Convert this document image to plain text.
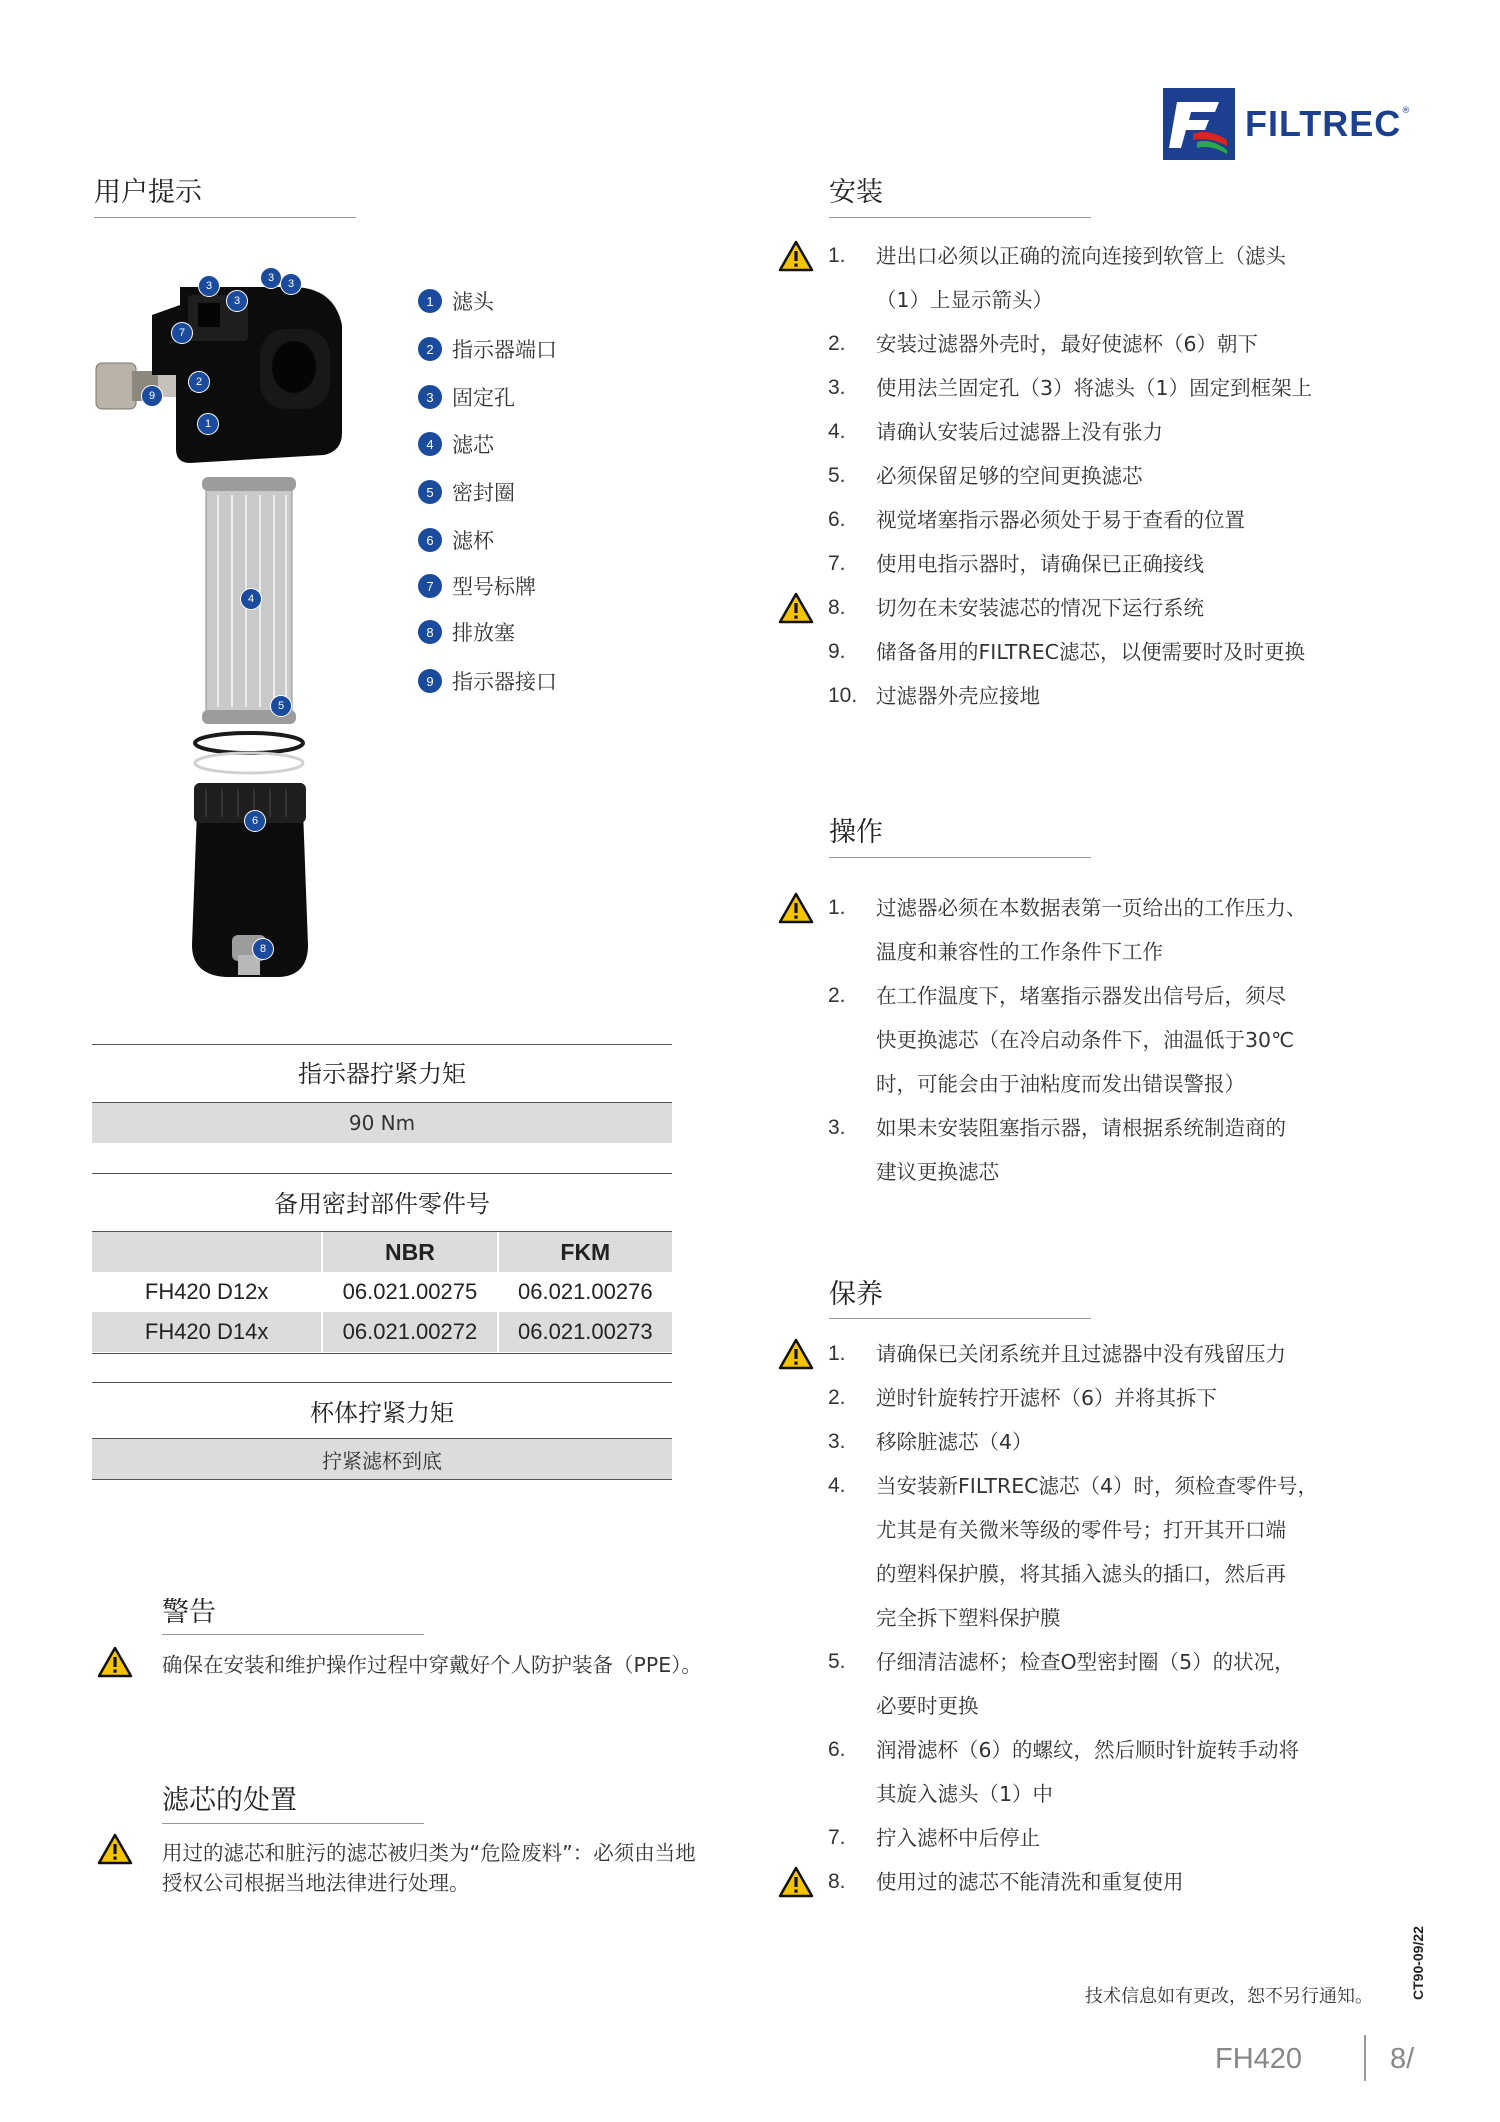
FILTREC ®
用户提示
3
3
3	3
7
2
9
1
4
5
6
8
1 滤头
2 指示器端口
3 固定孔
4 滤芯
5 密封圈
6 滤杯
7 型号标牌
8 排放塞
9 指示器接口
指示器拧紧力矩
90 Nm
备用密封部件零件号
	NBR	FKM
FH420 D12x	06.021.00275	06.021.00276
FH420 D14x	06.021.00272	06.021.00273
杯体拧紧力矩
拧紧滤杯到底
警告
确保在安装和维护操作过程中穿戴好个人防护装备（PPE）。
滤芯的处置
用过的滤芯和脏污的滤芯被归类为“危险废料”：必须由当地授权公司根据当地法律进行处理。
安装
1.	进出口必须以正确的流向连接到软管上（滤头
（1）上显示箭头）
2.	安装过滤器外壳时，最好使滤杯（6）朝下
3.	使用法兰固定孔（3）将滤头（1）固定到框架上
4.	请确认安装后过滤器上没有张力
5.	必须保留足够的空间更换滤芯
6.	视觉堵塞指示器必须处于易于查看的位置
7.	使用电指示器时，请确保已正确接线
8.	切勿在未安装滤芯的情况下运行系统
9.	储备备用的FILTREC滤芯，以便需要时及时更换
10. 过滤器外壳应接地
操作
1.	过滤器必须在本数据表第一页给出的工作压力、
温度和兼容性的工作条件下工作
2.	在工作温度下，堵塞指示器发出信号后，须尽
快更换滤芯（在冷启动条件下，油温低于30℃
时，可能会由于油粘度而发出错误警报）
3.	如果未安装阻塞指示器，请根据系统制造商的
建议更换滤芯
保养
1.	请确保已关闭系统并且过滤器中没有残留压力
2.	逆时针旋转拧开滤杯（6）并将其拆下
3.	移除脏滤芯（4）
4.	当安装新FILTREC滤芯（4）时，须检查零件号，
尤其是有关微米等级的零件号；打开其开口端
的塑料保护膜，将其插入滤头的插口，然后再
完全拆下塑料保护膜
5.	仔细清洁滤杯；检查O型密封圈（5）的状况，
必要时更换
6.	润滑滤杯（6）的螺纹，然后顺时针旋转手动将
其旋入滤头（1）中
7.	拧入滤杯中后停止
8.	使用过的滤芯不能清洗和重复使用
技术信息如有更改，恕不另行通知。	CT90-09/22
FH420	8/
